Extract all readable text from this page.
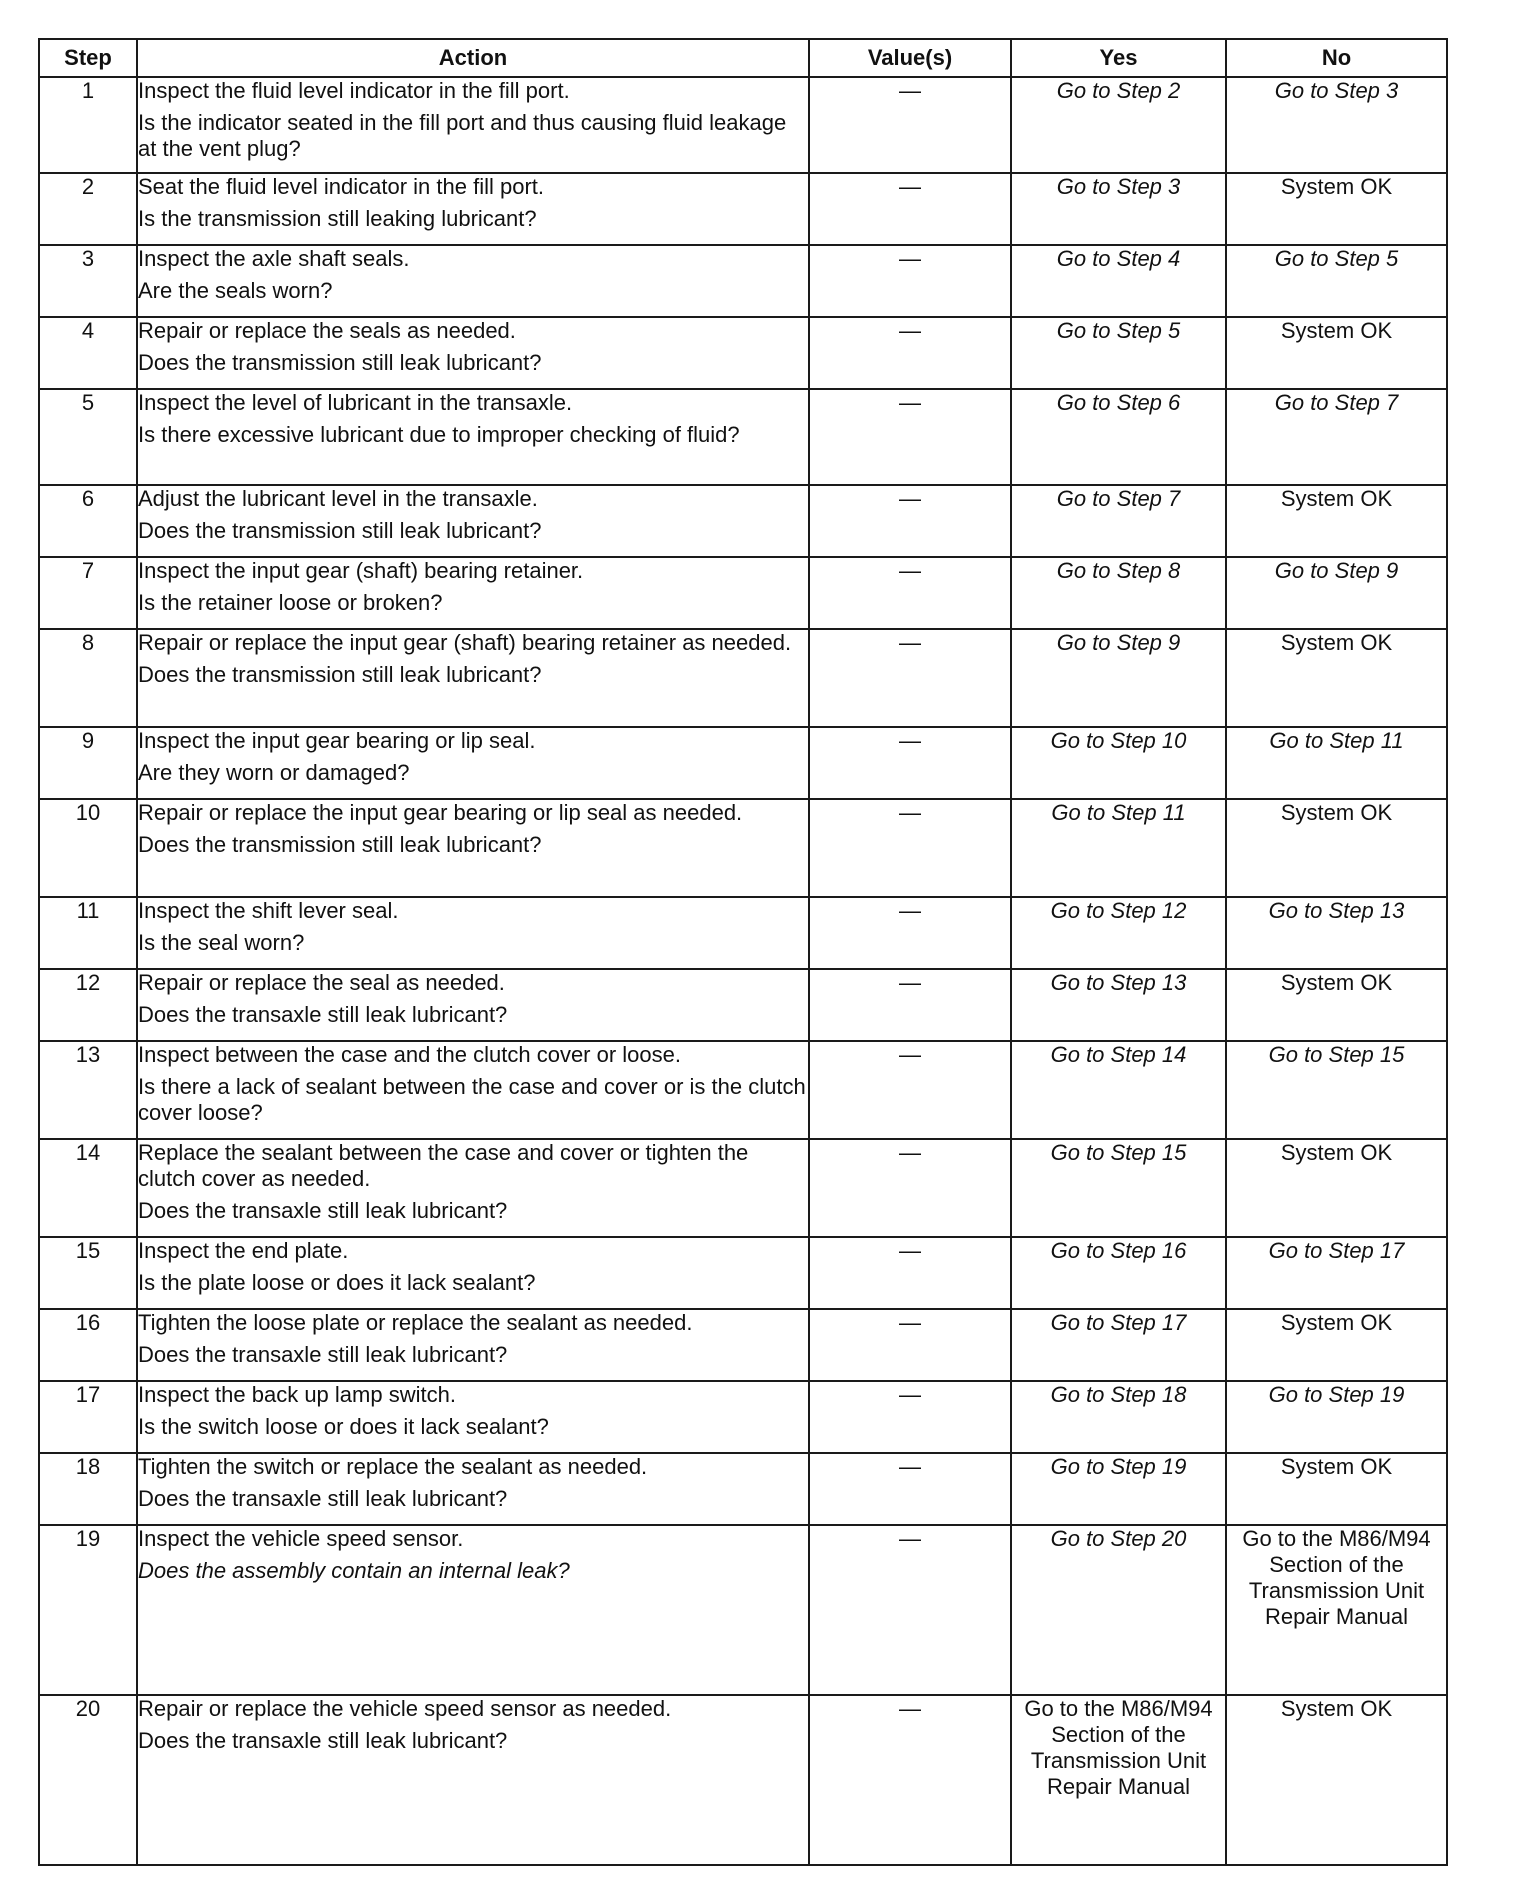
Step	Action	Value(s)	Yes	No
1	Inspect the fluid level indicator in the fill port.
Is the indicator seated in the fill port and thus causing fluid leakage at the vent plug?	—	Go to Step 2	Go to Step 3
2	Seat the fluid level indicator in the fill port.
Is the transmission still leaking lubricant?	—	Go to Step 3	System OK
3	Inspect the axle shaft seals.
Are the seals worn?	—	Go to Step 4	Go to Step 5
4	Repair or replace the seals as needed.
Does the transmission still leak lubricant?	—	Go to Step 5	System OK
5	Inspect the level of lubricant in the transaxle.
Is there excessive lubricant due to improper checking of fluid?	—	Go to Step 6	Go to Step 7
6	Adjust the lubricant level in the transaxle.
Does the transmission still leak lubricant?	—	Go to Step 7	System OK
7	Inspect the input gear (shaft) bearing retainer.
Is the retainer loose or broken?	—	Go to Step 8	Go to Step 9
8	Repair or replace the input gear (shaft) bearing retainer as needed.
Does the transmission still leak lubricant?	—	Go to Step 9	System OK
9	Inspect the input gear bearing or lip seal.
Are they worn or damaged?	—	Go to Step 10	Go to Step 11
10	Repair or replace the input gear bearing or lip seal as needed.
Does the transmission still leak lubricant?	—	Go to Step 11	System OK
11	Inspect the shift lever seal.
Is the seal worn?	—	Go to Step 12	Go to Step 13
12	Repair or replace the seal as needed.
Does the transaxle still leak lubricant?	—	Go to Step 13	System OK
13	Inspect between the case and the clutch cover or loose.
Is there a lack of sealant between the case and cover or is the clutch cover loose?	—	Go to Step 14	Go to Step 15
14	Replace the sealant between the case and cover or tighten the clutch cover as needed.
Does the transaxle still leak lubricant?	—	Go to Step 15	System OK
15	Inspect the end plate.
Is the plate loose or does it lack sealant?	—	Go to Step 16	Go to Step 17
16	Tighten the loose plate or replace the sealant as needed.
Does the transaxle still leak lubricant?	—	Go to Step 17	System OK
17	Inspect the back up lamp switch.
Is the switch loose or does it lack sealant?	—	Go to Step 18	Go to Step 19
18	Tighten the switch or replace the sealant as needed.
Does the transaxle still leak lubricant?	—	Go to Step 19	System OK
19	Inspect the vehicle speed sensor.
Does the assembly contain an internal leak?	—	Go to Step 20	Go to the M86/M94 Section of the Transmission Unit Repair Manual
20	Repair or replace the vehicle speed sensor as needed.
Does the transaxle still leak lubricant?	—	Go to the M86/M94 Section of the Transmission Unit Repair Manual	System OK
